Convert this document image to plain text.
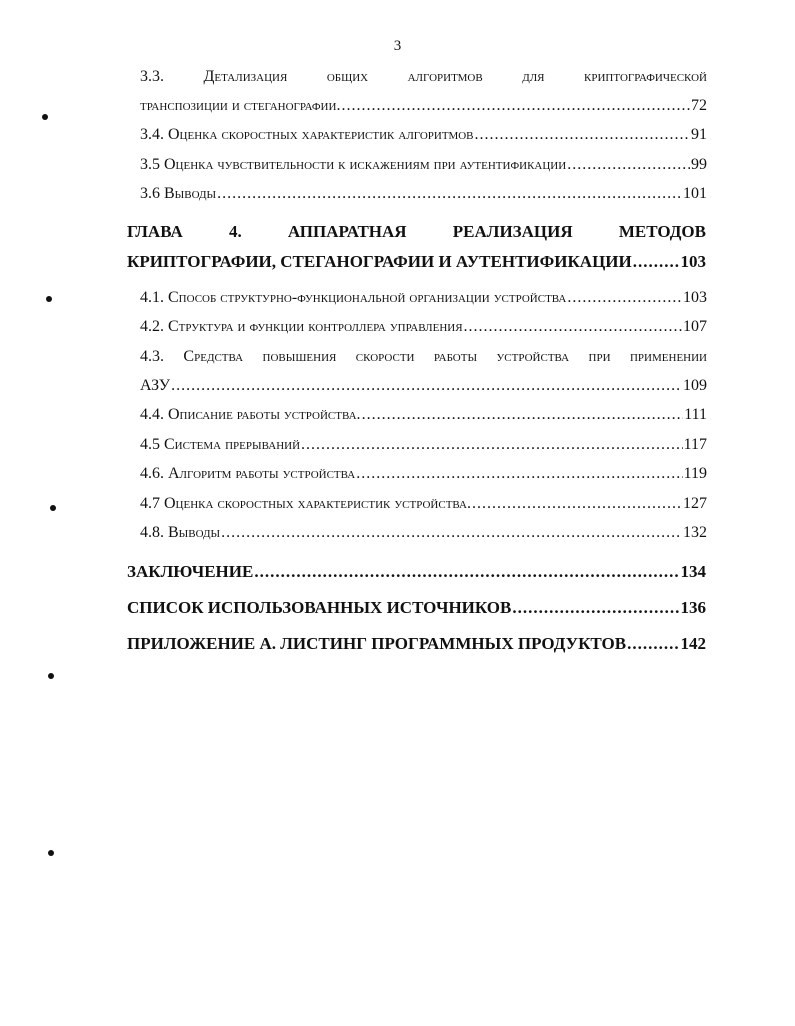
3
3.3. Детализация общих алгоритмов для криптографической
транспозиции и стеганографии. .....	72
3.4. Оценка скоростных характеристик алгоритмов .....	91
3.5 Оценка чувствительности к искажениям при аутентификации .....	99
3.6 Выводы .....	101
ГЛАВА 4. АППАРАТНАЯ РЕАЛИЗАЦИЯ МЕТОДОВ
КРИПТОГРАФИИ, СТЕГАНОГРАФИИ И АУТЕНТИФИКАЦИИ .....	103
4.1. Способ структурно-функциональной организации устройства .....	103
4.2. Структура и функции контроллера управления .....	107
4.3. Средства повышения скорости работы устройства при применении
АЗУ .....	109
4.4. Описание работы устройства. .....	111
4.5 Система прерываний .....	117
4.6. Алгоритм работы устройства .....	119
4.7 Оценка скоростных характеристик устройства. .....	127
4.8. Выводы .....	132
ЗАКЛЮЧЕНИЕ .....	134
СПИСОК ИСПОЛЬЗОВАННЫХ ИСТОЧНИКОВ .....	136
ПРИЛОЖЕНИЕ А. ЛИСТИНГ ПРОГРАММНЫХ ПРОДУКТОВ .....	142
